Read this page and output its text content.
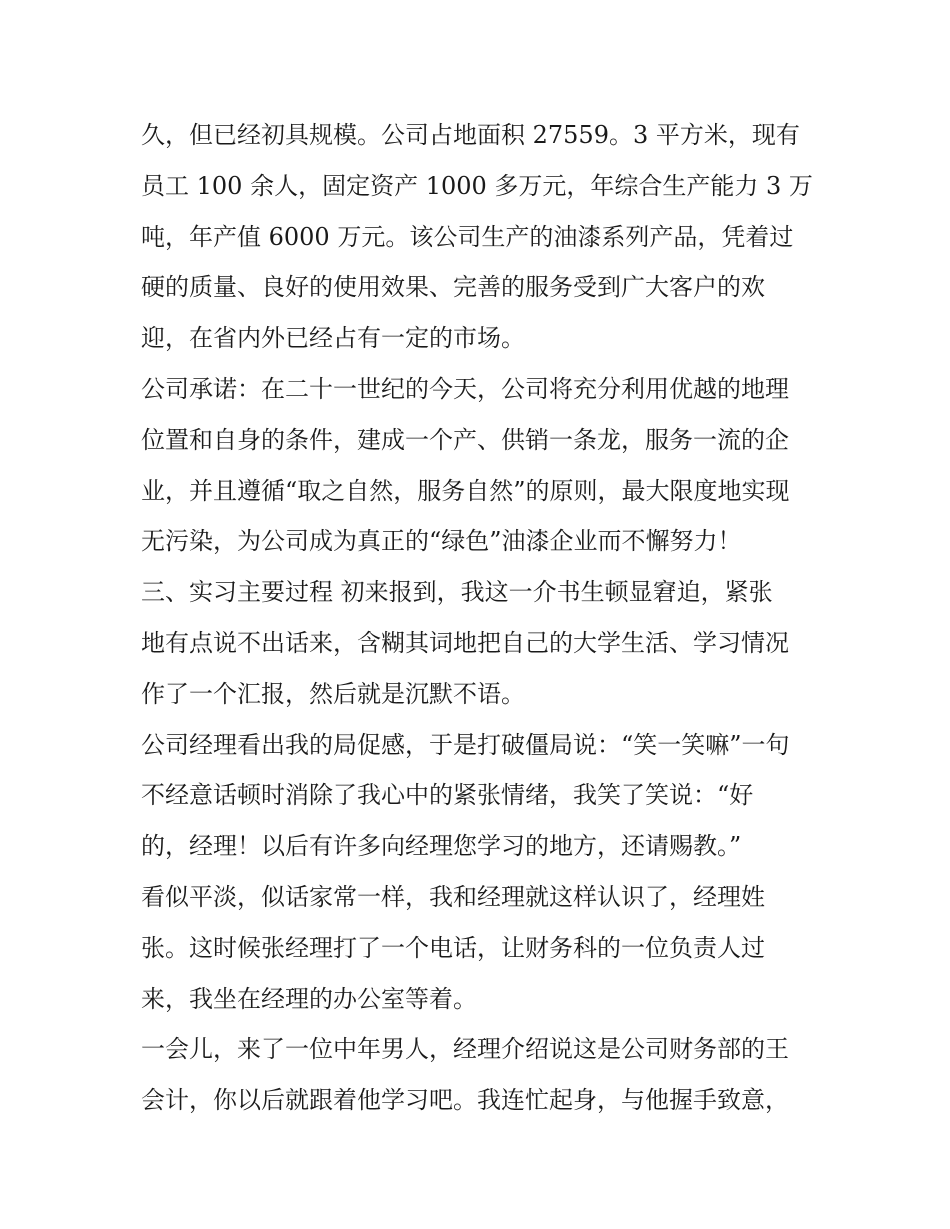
久，但已经初具规模。公司占地面积 27559。3 平方米，现有
员工 100 余人，固定资产 1000 多万元，年综合生产能力 3 万
吨，年产值 6000 万元。该公司生产的油漆系列产品，凭着过
硬的质量、良好的使用效果、完善的服务受到广大客户的欢
迎，在省内外已经占有一定的市场。
公司承诺：在二十一世纪的今天，公司将充分利用优越的地理
位置和自身的条件，建成一个产、供销一条龙，服务一流的企
业，并且遵循“取之自然，服务自然”的原则，最大限度地实现
无污染，为公司成为真正的“绿色”油漆企业而不懈努力！
三、实习主要过程 初来报到，我这一介书生顿显窘迫，紧张
地有点说不出话来，含糊其词地把自己的大学生活、学习情况
作了一个汇报，然后就是沉默不语。
公司经理看出我的局促感，于是打破僵局说：“笑一笑嘛”一句
不经意话顿时消除了我心中的紧张情绪，我笑了笑说：“好
的，经理！以后有许多向经理您学习的地方，还请赐教。”
看似平淡，似话家常一样，我和经理就这样认识了，经理姓
张。这时候张经理打了一个电话，让财务科的一位负责人过
来，我坐在经理的办公室等着。
一会儿，来了一位中年男人，经理介绍说这是公司财务部的王
会计，你以后就跟着他学习吧。我连忙起身，与他握手致意，
